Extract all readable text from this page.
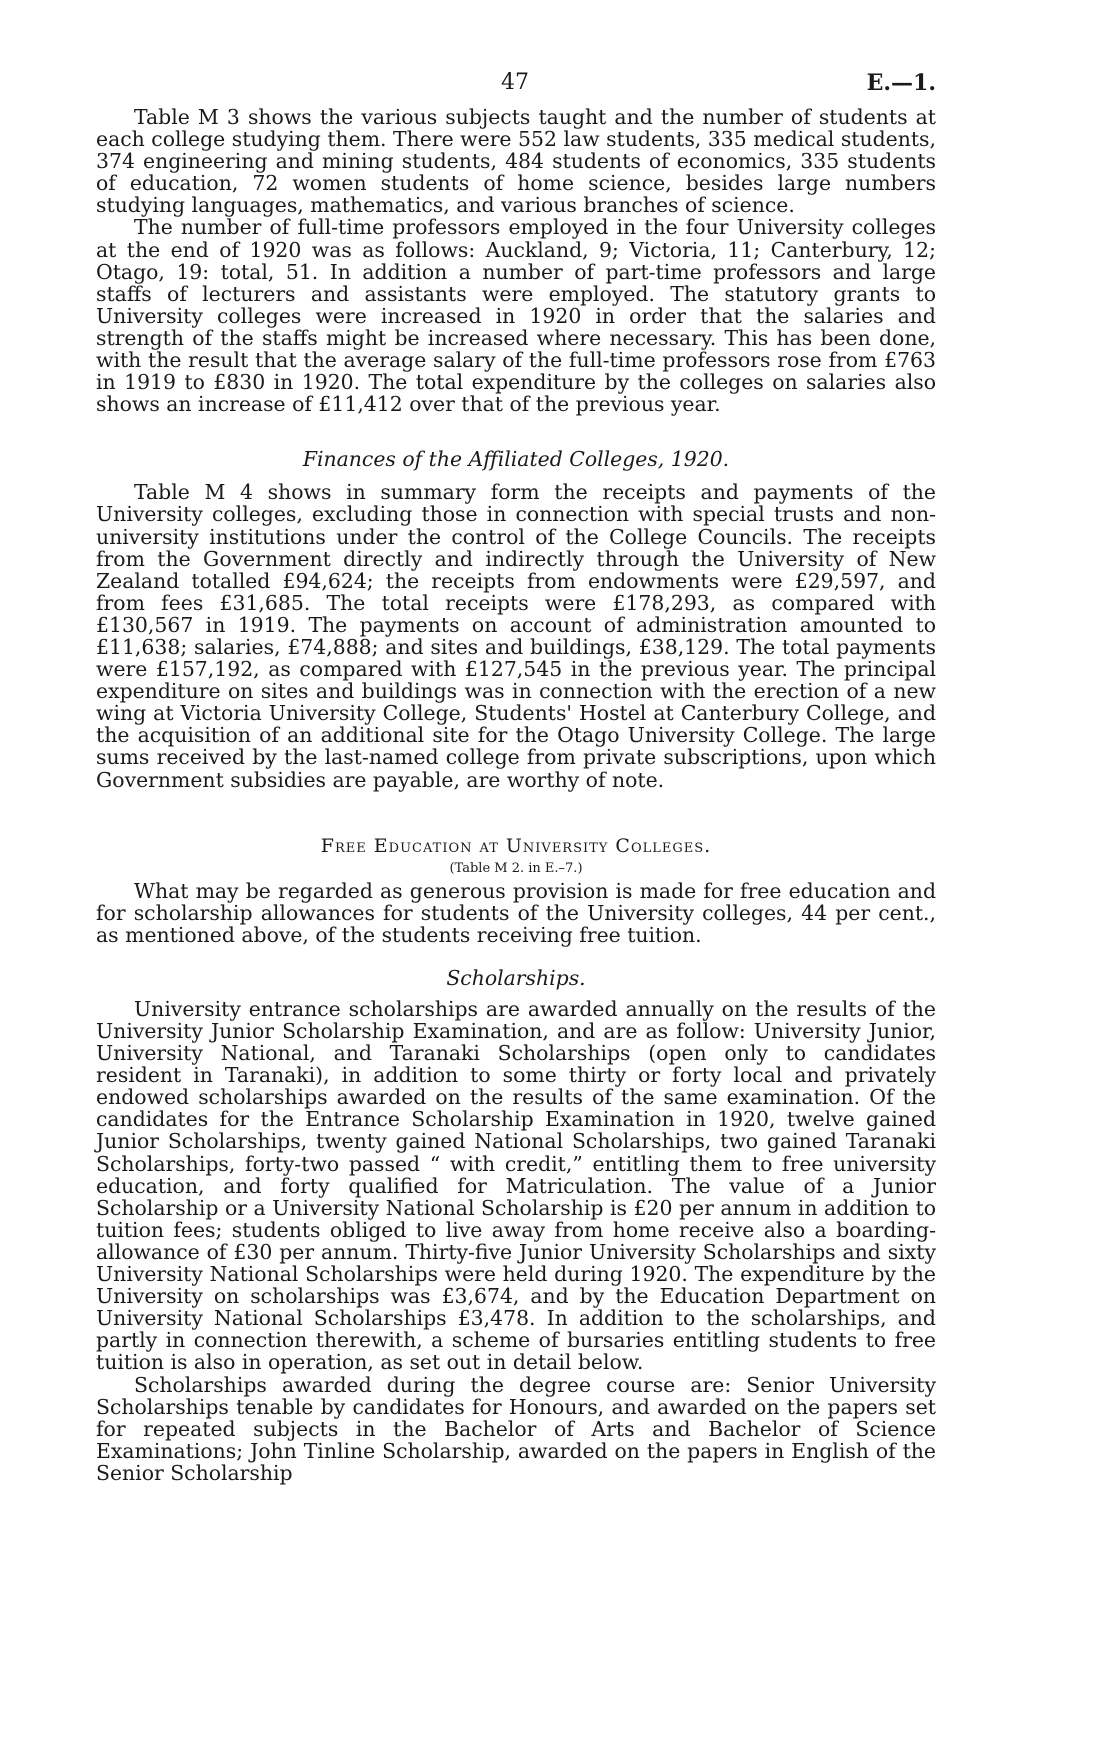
47	E.—1.

Table M 3 shows the various subjects taught and the number of students at each college studying them. There were 552 law students, 335 medical students, 374 engineering and mining students, 484 students of economics, 335 students of education, 72 women students of home science, besides large numbers studying languages, mathematics, and various branches of science.

The number of full-time professors employed in the four University colleges at the end of 1920 was as follows: Auckland, 9; Victoria, 11; Canterbury, 12; Otago, 19: total, 51. In addition a number of part-time professors and large staffs of lecturers and assistants were employed. The statutory grants to University colleges were increased in 1920 in order that the salaries and strength of the staffs might be increased where necessary. This has been done, with the result that the average salary of the full-time professors rose from £763 in 1919 to £830 in 1920. The total expenditure by the colleges on salaries also shows an increase of £11,412 over that of the previous year.

Finances of the Affiliated Colleges, 1920.

Table M 4 shows in summary form the receipts and payments of the University colleges, excluding those in connection with special trusts and non-university institutions under the control of the College Councils. The receipts from the Government directly and indirectly through the University of New Zealand totalled £94,624; the receipts from endowments were £29,597, and from fees £31,685. The total receipts were £178,293, as compared with £130,567 in 1919. The payments on account of administration amounted to £11,638; salaries, £74,888; and sites and buildings, £38,129. The total payments were £157,192, as compared with £127,545 in the previous year. The principal expenditure on sites and buildings was in connection with the erection of a new wing at Victoria University College, Students' Hostel at Canterbury College, and the acquisition of an additional site for the Otago University College. The large sums received by the last-named college from private subscriptions, upon which Government subsidies are payable, are worthy of note.

Free Education at University Colleges.
(Table M 2. in E.–7.)

What may be regarded as generous provision is made for free education and for scholarship allowances for students of the University colleges, 44 per cent., as mentioned above, of the students receiving free tuition.

Scholarships.

University entrance scholarships are awarded annually on the results of the University Junior Scholarship Examination, and are as follow: University Junior, University National, and Taranaki Scholarships (open only to candidates resident in Taranaki), in addition to some thirty or forty local and privately endowed scholarships awarded on the results of the same examination. Of the candidates for the Entrance Scholarship Examination in 1920, twelve gained Junior Scholarships, twenty gained National Scholarships, two gained Taranaki Scholarships, forty-two passed “ with credit,” entitling them to free university education, and forty qualified for Matriculation. The value of a Junior Scholarship or a University National Scholarship is £20 per annum in addition to tuition fees; students obliged to live away from home receive also a boarding-allowance of £30 per annum. Thirty-five Junior University Scholarships and sixty University National Scholarships were held during 1920. The expenditure by the University on scholarships was £3,674, and by the Education Department on University National Scholarships £3,478. In addition to the scholarships, and partly in connection therewith, a scheme of bursaries entitling students to free tuition is also in operation, as set out in detail below.

Scholarships awarded during the degree course are: Senior University Scholarships tenable by candidates for Honours, and awarded on the papers set for repeated subjects in the Bachelor of Arts and Bachelor of Science Examinations; John Tinline Scholarship, awarded on the papers in English of the Senior Scholarship
